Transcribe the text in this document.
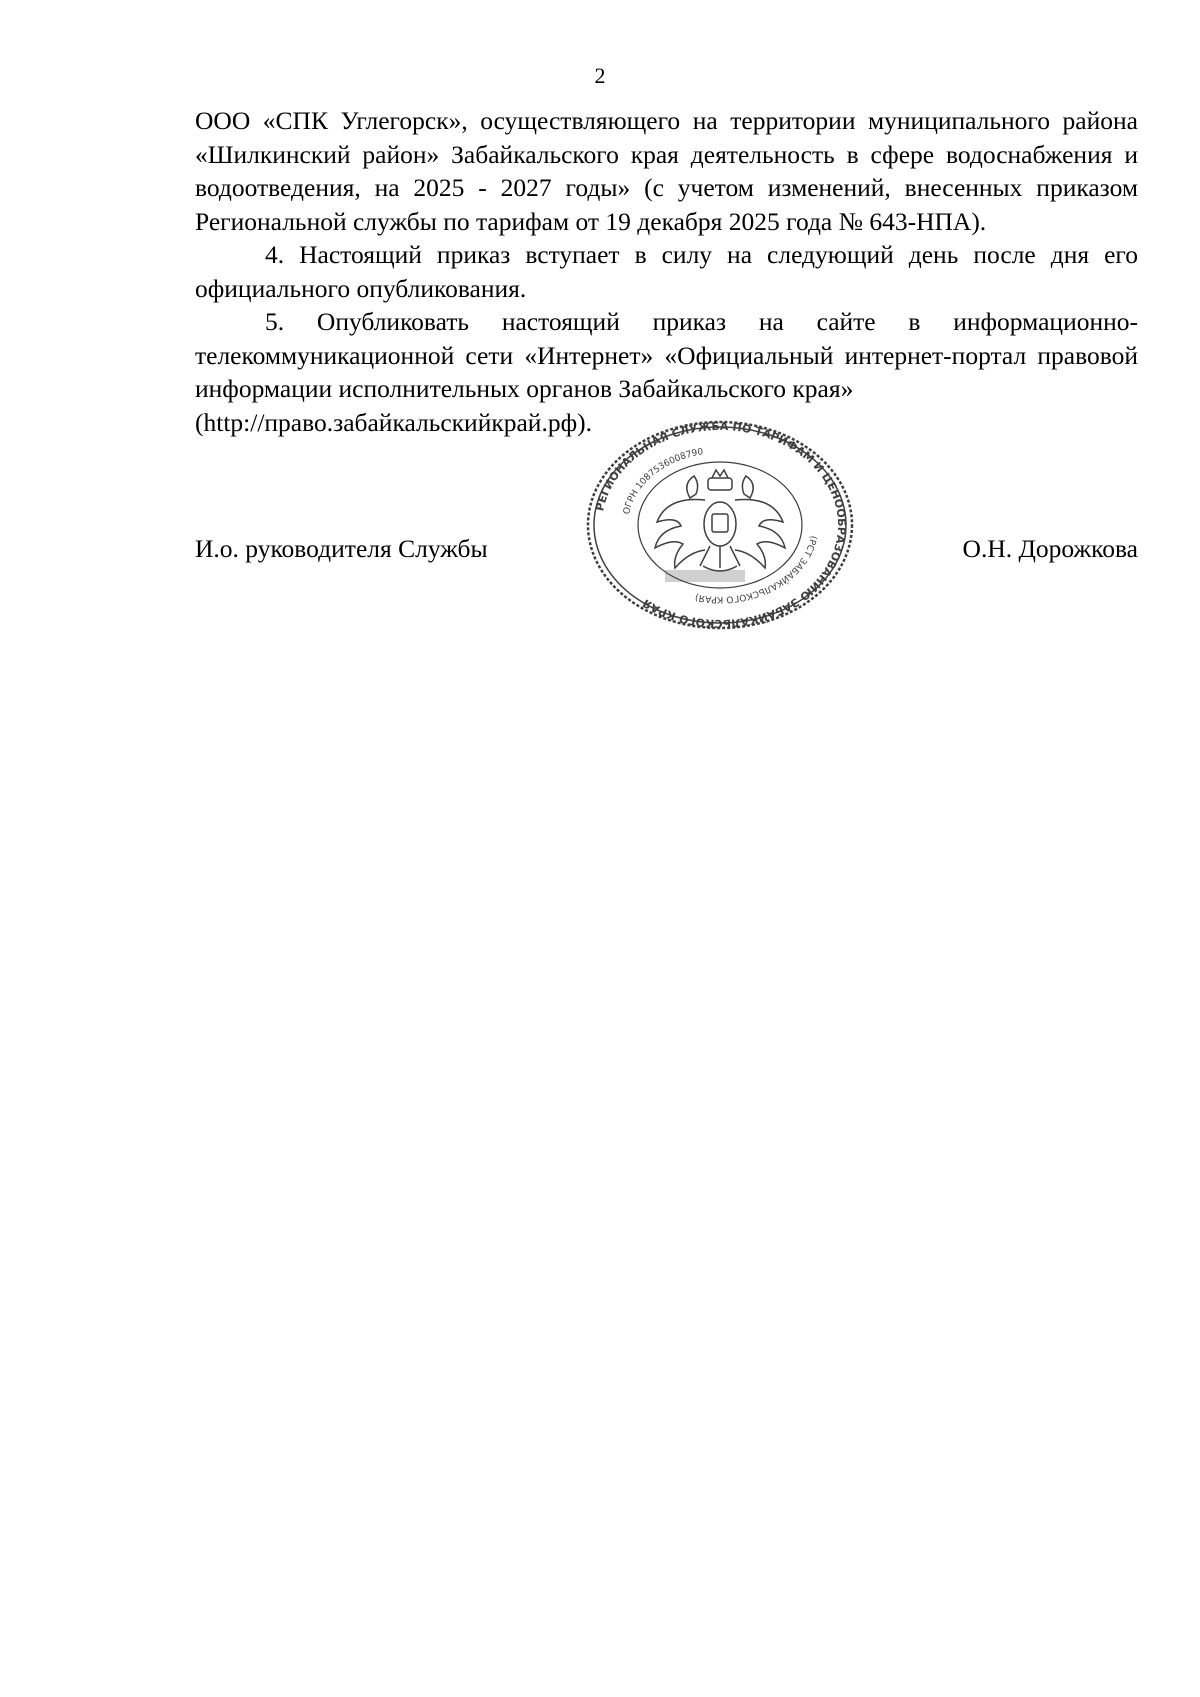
2

ООО «СПК Углегорск», осуществляющего на территории муниципального района «Шилкинский район» Забайкальского края деятельность в сфере водоснабжения и водоотведения, на 2025 - 2027 годы» (с учетом изменений, внесенных приказом Региональной службы по тарифам от 19 декабря 2025 года № 643-НПА).

4. Настоящий приказ вступает в силу на следующий день после дня его официального опубликования.

5. Опубликовать настоящий приказ на сайте в информационно-телекоммуникационной сети «Интернет» «Официальный интернет-портал правовой информации исполнительных органов Забайкальского края»

(http://право.забайкальскийкрай.рф).

И.о. руководителя Службы	О.Н. Дорожкова
РЕГИОНАЛЬНАЯ СЛУЖБА ПО ТАРИФАМ И ЦЕНООБРАЗОВАНИЮ ЗАБАЙКАЛЬСКОГО КРАЯ
(РСТ ЗАБАЙКАЛЬСКОГО КРАЯ)
ОГРН 1087536008790
